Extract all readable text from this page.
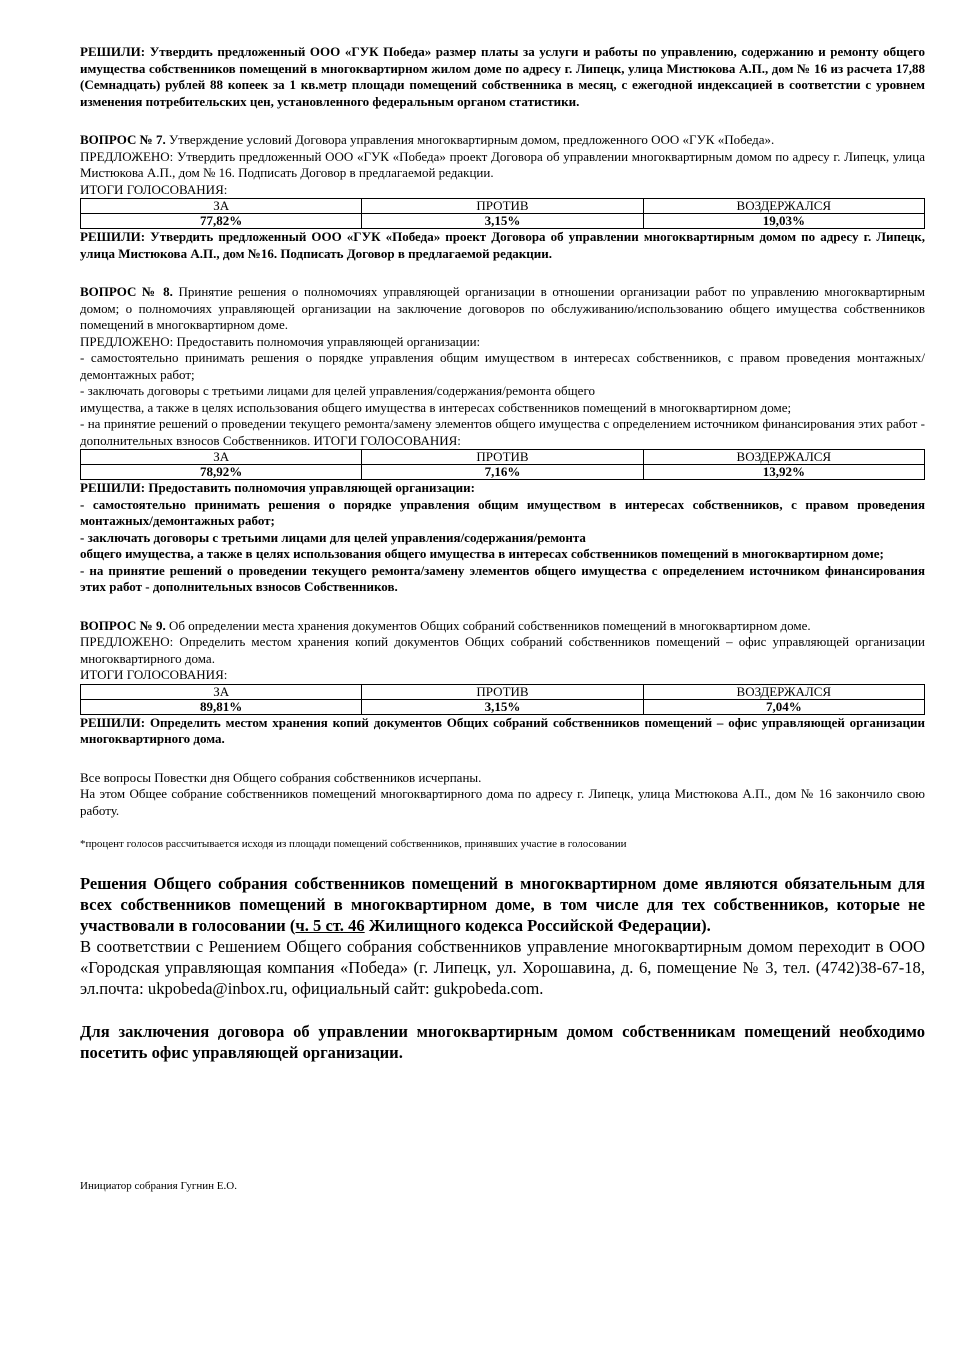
РЕШИЛИ: Утвердить предложенный ООО «ГУК Победа» размер платы за услуги и работы по управлению, содержанию и ремонту общего имущества собственников помещений в многоквартирном жилом доме по адресу г. Липецк, улица Мистюкова А.П., дом № 16 из расчета 17,88 (Семнадцать) рублей 88 копеек за 1 кв.метр площади помещений собственника в месяц, с ежегодной индексацией в соответстии с уровнем изменения потребительских цен, установленного федеральным органом статистики.

ВОПРОС № 7. Утверждение условий Договора управления многоквартирным домом, предложенного ООО «ГУК «Победа».

ПРЕДЛОЖЕНО: Утвердить предложенный ООО «ГУК «Победа» проект Договора об управлении многоквартирным домом по адресу г. Липецк, улица Мистюкова А.П., дом № 16. Подписать Договор в предлагаемой редакции.

ИТОГИ ГОЛОСОВАНИЯ:

ЗА	ПРОТИВ	ВОЗДЕРЖАЛСЯ
77,82%	3,15%	19,03%

РЕШИЛИ: Утвердить предложенный ООО «ГУК «Победа» проект Договора об управлении многоквартирным домом по адресу г. Липецк, улица Мистюкова А.П., дом №16. Подписать Договор в предлагаемой редакции.

ВОПРОС № 8. Принятие решения о полномочиях управляющей организации в отношении организации работ по управлению многоквартирным домом; о полномочиях управляющей организации на заключение договоров по обслуживанию/использованию общего имущества собственников помещений в многоквартирном доме.

ПРЕДЛОЖЕНО: Предоставить полномочия управляющей организации:

- самостоятельно принимать решения о порядке управления общим имуществом в интересах собственников, с правом проведения монтажных/демонтажных работ;

- заключать договоры с третьими лицами для целей управления/содержания/ремонта общего

имущества, а также в целях использования общего имущества в интересах собственников помещений в многоквартирном доме;

- на принятие решений о проведении текущего ремонта/замену элементов общего имущества с определением источником финансирования этих работ - дополнительных взносов Собственников. ИТОГИ ГОЛОСОВАНИЯ:

ЗА	ПРОТИВ	ВОЗДЕРЖАЛСЯ
78,92%	7,16%	13,92%

РЕШИЛИ: Предоставить полномочия управляющей организации:

- самостоятельно принимать решения о порядке управления общим имуществом в интересах собственников, с правом проведения монтажных/демонтажных работ;

- заключать договоры с третьими лицами для целей управления/содержания/ремонта

общего имущества, а также в целях использования общего имущества в интересах собственников помещений в многоквартирном доме;

- на принятие решений о проведении текущего ремонта/замену элементов общего имущества с определением источником финансирования этих работ - дополнительных взносов Собственников.

ВОПРОС № 9. Об определении места хранения документов Общих собраний собственников помещений в многоквартирном доме.

ПРЕДЛОЖЕНО: Определить местом хранения копий документов Общих собраний собственников помещений – офис управляющей организации многоквартирного дома.

ИТОГИ ГОЛОСОВАНИЯ:

ЗА	ПРОТИВ	ВОЗДЕРЖАЛСЯ
89,81%	3,15%	7,04%

РЕШИЛИ: Определить местом хранения копий документов Общих собраний собственников помещений – офис управляющей организации многоквартирного дома.

Все вопросы Повестки дня Общего собрания собственников исчерпаны.

На этом Общее собрание собственников помещений многоквартирного дома по адресу г. Липецк, улица Мистюкова А.П., дом № 16 закончило свою работу.

*процент голосов рассчитывается исходя из площади помещений собственников, принявших участие в голосовании

Решения Общего собрания собственников помещений в многоквартирном доме являются обязательным для всех собственников помещений в многоквартирном доме, в том числе для тех собственников, которые не участвовали в голосовании (ч. 5 ст. 46 Жилищного кодекса Российской Федерации).

В соответствии с Решением Общего собрания собственников управление многоквартирным домом переходит в ООО «Городская управляющая компания «Победа» (г. Липецк, ул. Хорошавина, д. 6, помещение № 3, тел. (4742)38-67-18, эл.почта: ukpobeda@inbox.ru, официальный сайт: gukpobeda.com.

Для заключения договора об управлении многоквартирным домом собственникам помещений необходимо посетить офис управляющей организации.

Инициатор собрания Гугнин Е.О.
